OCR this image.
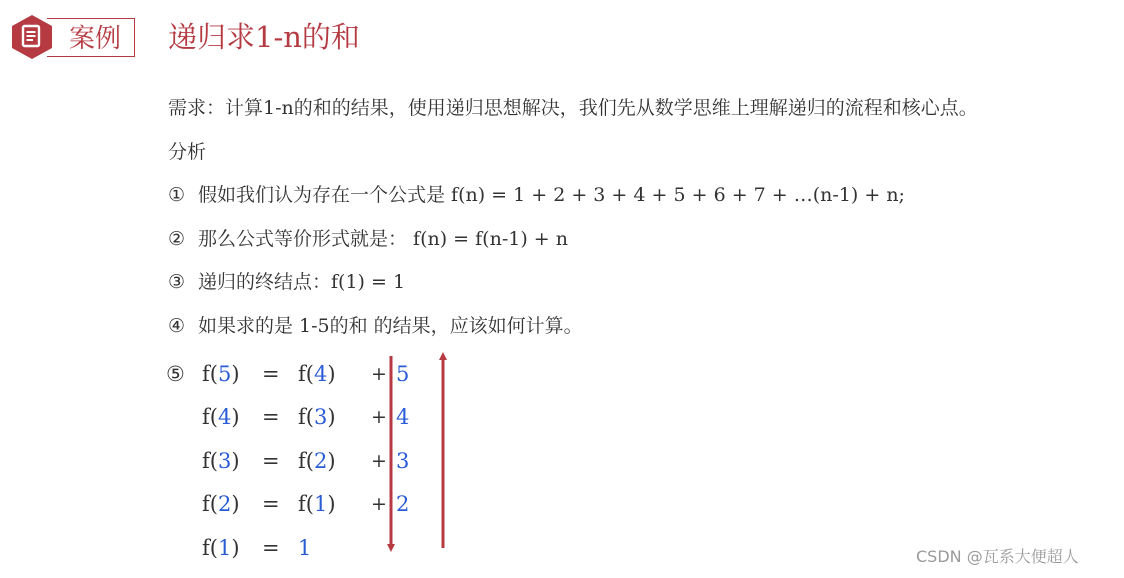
案例 递归求1-n的和
需求：计算1-n的和的结果，使用递归思想解决，我们先从数学思维上理解递归的流程和核心点。
分析
① 假如我们认为存在一个公式是 f(n) = 1 + 2 + 3 + 4 + 5 + 6 + 7 + …(n-1) + n;
② 那么公式等价形式就是： f(n) = f(n-1) + n
③ 递归的终结点：f(1) = 1
④ 如果求的是 1-5的和 的结果，应该如何计算。
⑤ f(5) = f(4) + 5
f(4) = f(3) + 4
f(3) = f(2) + 3
f(2) = f(1) + 2
f(1) = 1	CSDN @瓦系大便超人
